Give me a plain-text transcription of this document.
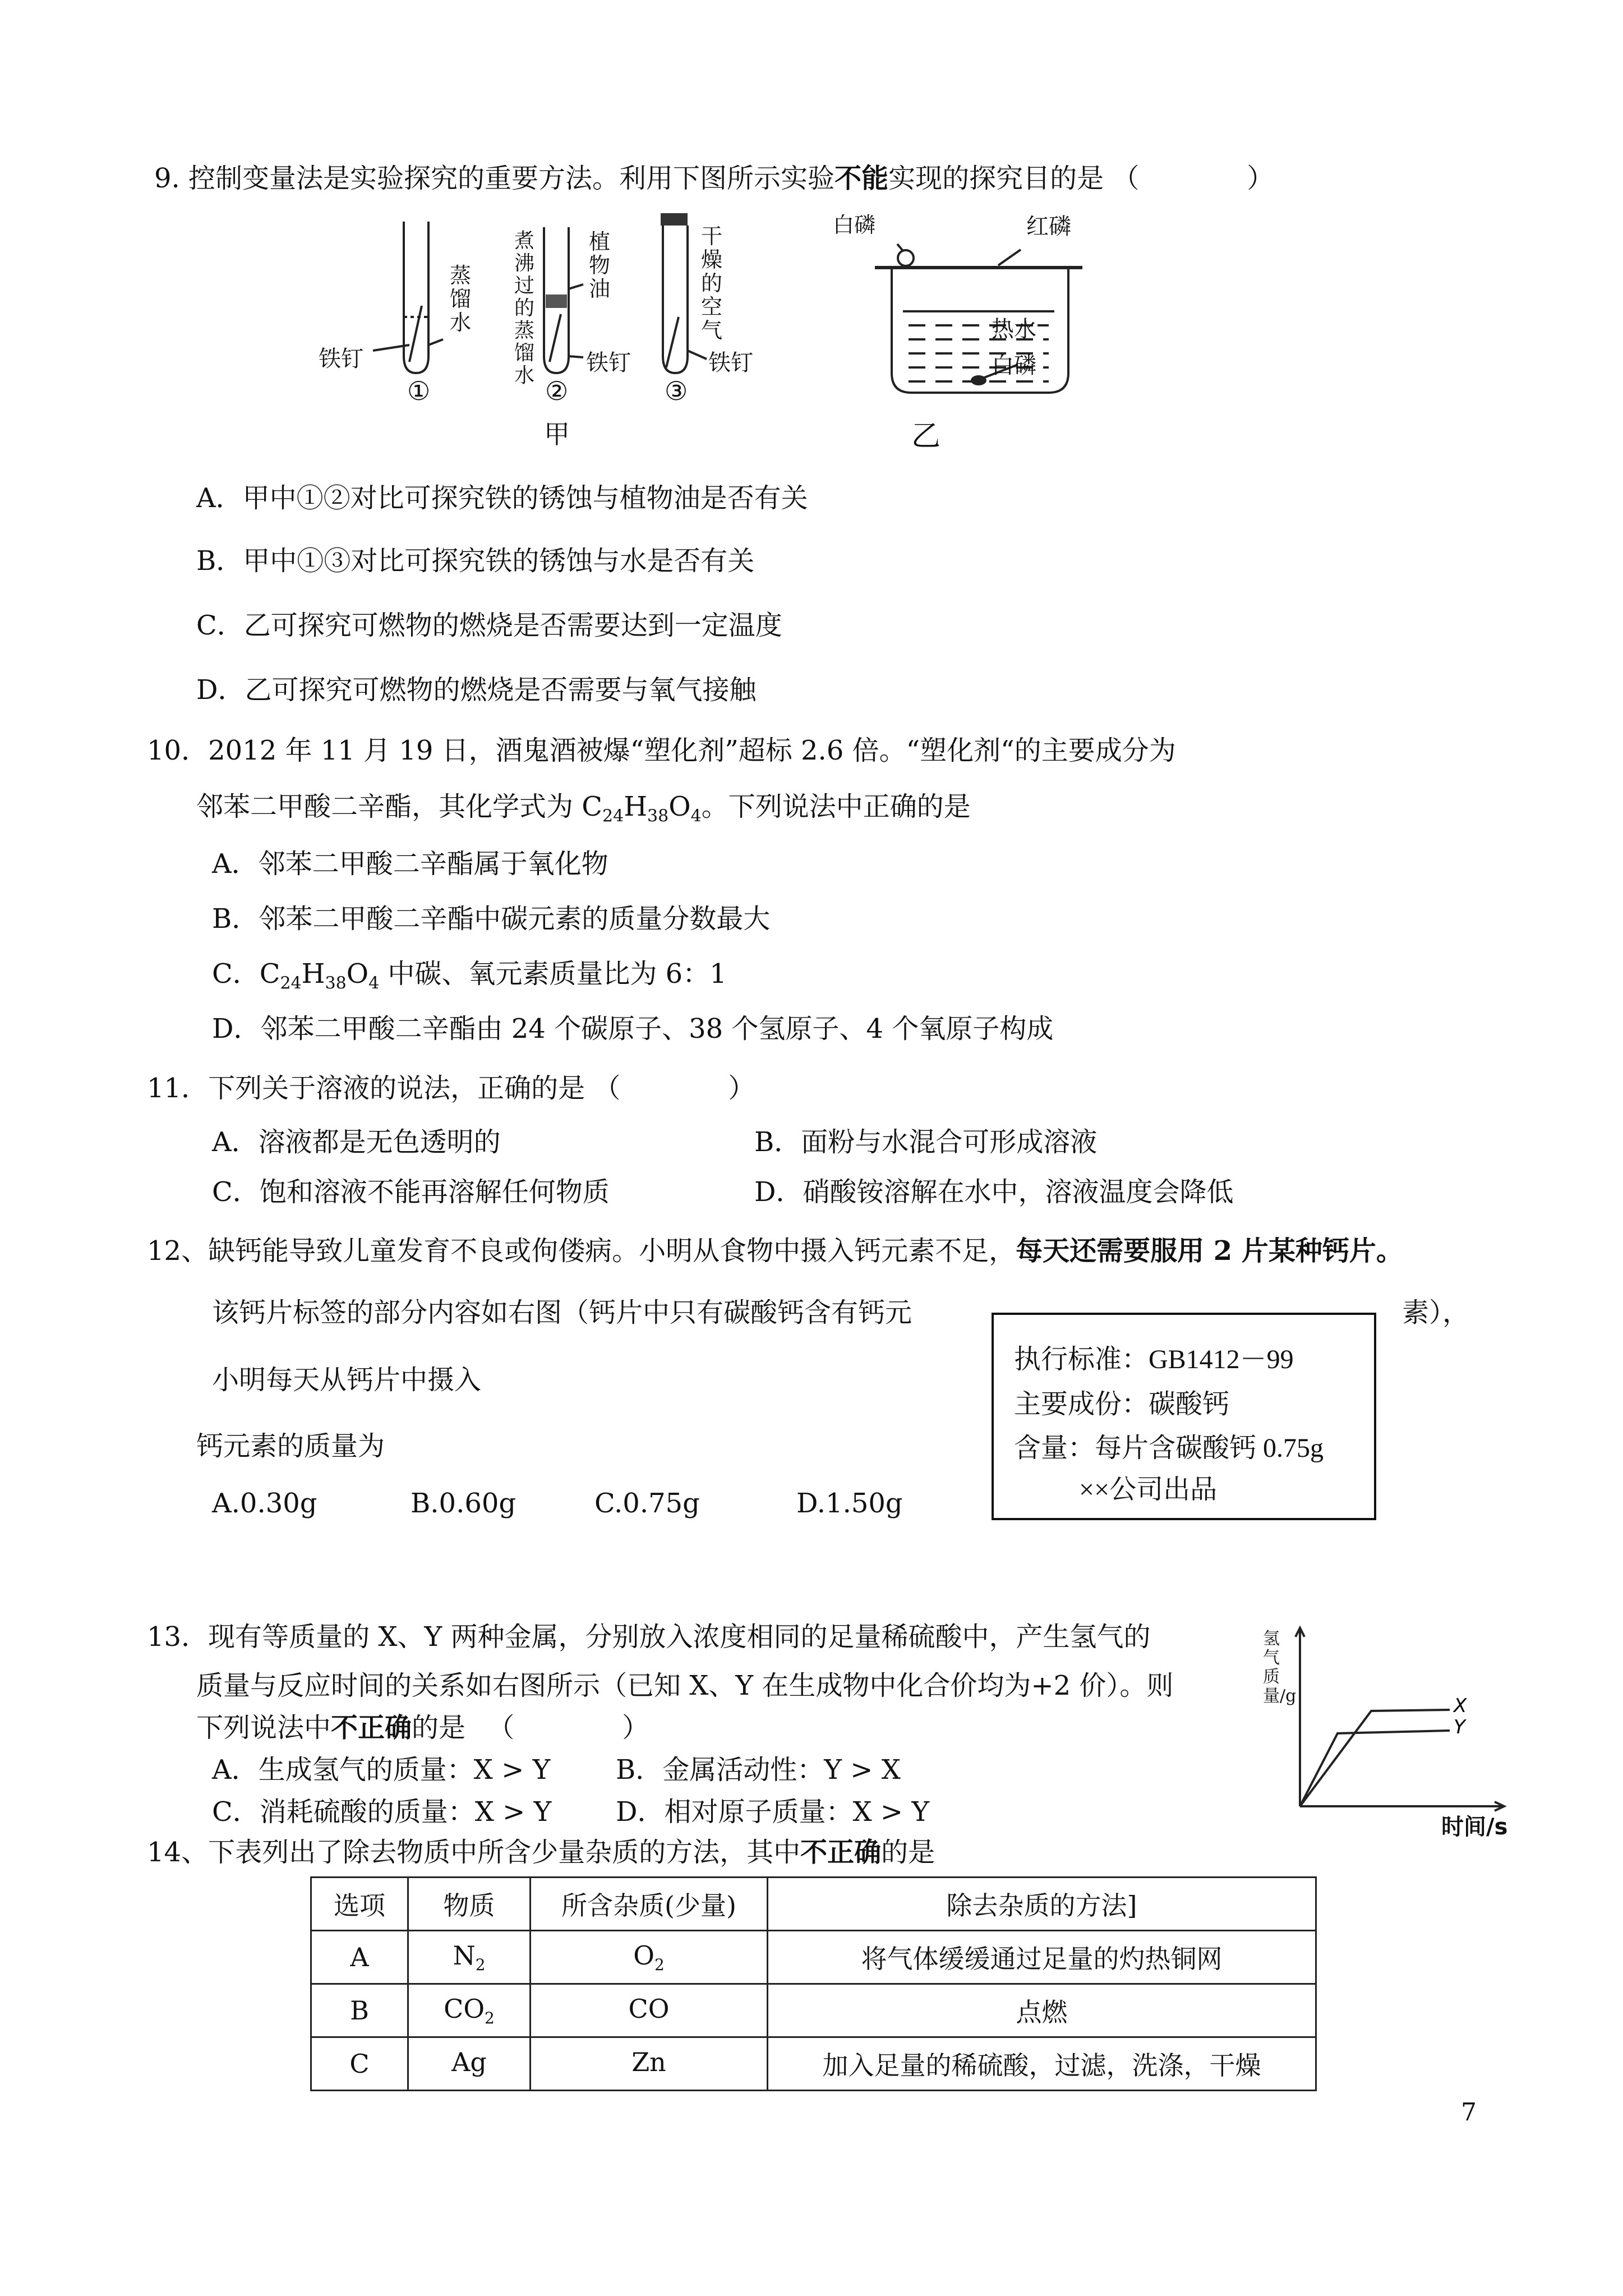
9. 控制变量法是实验探究的重要方法。利用下图所示实验不能实现的探究目的是 （　　　　）
铁钉
蒸馏水
①
煮沸过的蒸馏水
植物油
铁钉
②
干燥的空气
铁钉
③
甲
白磷	红磷
热水
白磷
乙
A．甲中①②对比可探究铁的锈蚀与植物油是否有关
B．甲中①③对比可探究铁的锈蚀与水是否有关
C．乙可探究可燃物的燃烧是否需要达到一定温度
D．乙可探究可燃物的燃烧是否需要与氧气接触
10．2012 年 11 月 19 日，酒鬼酒被爆“塑化剂”超标 2.6 倍。“塑化剂“的主要成分为
邻苯二甲酸二辛酯，其化学式为 $C_{24}H_{38}O_4$。下列说法中正确的是
A．邻苯二甲酸二辛酯属于氧化物
B．邻苯二甲酸二辛酯中碳元素的质量分数最大
C．$C_{24}H_{38}O_4$ 中碳、氧元素质量比为 6：1
D．邻苯二甲酸二辛酯由 24 个碳原子、38 个氢原子、4 个氧原子构成
11．下列关于溶液的说法，正确的是 （　　　　）
A．溶液都是无色透明的	B．面粉与水混合可形成溶液
C．饱和溶液不能再溶解任何物质	D．硝酸铵溶解在水中，溶液温度会降低
12、缺钙能导致儿童发育不良或佝偻病。小明从食物中摄入钙元素不足，每天还需要服用 2 片某种钙片。
该钙片标签的部分内容如右图（钙片中只有碳酸钙含有钙元	素），
小明每天从钙片中摄入
钙元素的质量为
A.0.30g	B.0.60g	C.0.75g	D.1.50g
执行标准：GB1412－99
主要成份：碳酸钙
含量：每片含碳酸钙 0.75g
××公司出品
13．现有等质量的 X、Y 两种金属，分别放入浓度相同的足量稀硫酸中，产生氢气的
质量与反应时间的关系如右图所示（已知 X、Y 在生成物中化合价均为+2 价）。则
下列说法中不正确的是 　（　　　　）
A．生成氢气的质量：X > Y B．金属活动性：Y > X
C．消耗硫酸的质量：X > Y D．相对原子质量：X > Y
X
Y
氢气质量/g
时间/s
14、下表列出了除去物质中所含少量杂质的方法，其中不正确的是
选项	物质	所含杂质(少量)	除去杂质的方法]
A	$N_2$	$O_2$	将气体缓缓通过足量的灼热铜网
B	$CO_2$	CO	点燃
C	Ag	Zn	加入足量的稀硫酸，过滤，洗涤，干燥
7
